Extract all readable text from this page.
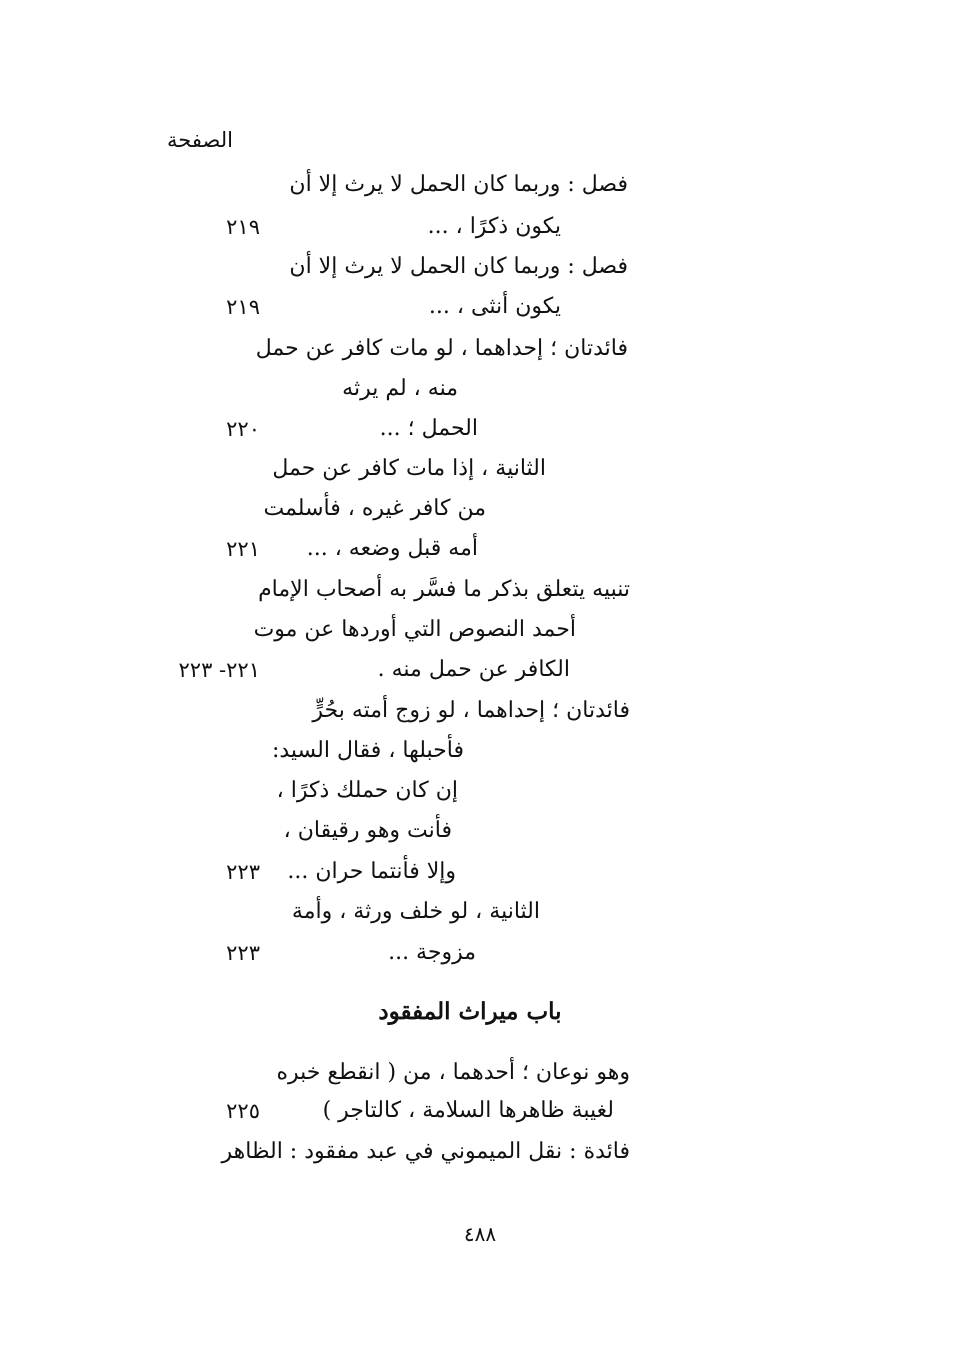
الصفحة
فصل : وربما كان الحمل لا يرث إلا أن
يكون ذكرًا ، ...
٢١٩
فصل : وربما كان الحمل لا يرث إلا أن
يكون أنثى ، ...
٢١٩
فائدتان ؛ إحداهما ، لو مات كافر عن حمل
منه ، لم يرثه
الحمل ؛ ...
٢٢٠
الثانية ، إذا مات كافر عن حمل
من كافر غيره ، فأسلمت
أمه قبل وضعه ، ...
٢٢١
تنبيه يتعلق بذكر ما فسَّر به أصحاب الإمام
أحمد النصوص التي أوردها عن موت
الكافر عن حمل منه .
٢٢١- ٢٢٣
فائدتان ؛ إحداهما ، لو زوج أمته بحُرٍّ
فأحبلها ، فقال السيد:
إن كان حملك ذكرًا ،
فأنت وهو رقيقان ،
وإلا فأنتما حران ...
٢٢٣
الثانية ، لو خلف ورثة ، وأمة
مزوجة ...
٢٢٣
باب ميراث المفقود
وهو نوعان ؛ أحدهما ، من ( انقطع خبره
لغيبة ظاهرها السلامة ، كالتاجر )
٢٢٥
فائدة : نقل الميموني في عبد مفقود : الظاهر
٤٨٨
